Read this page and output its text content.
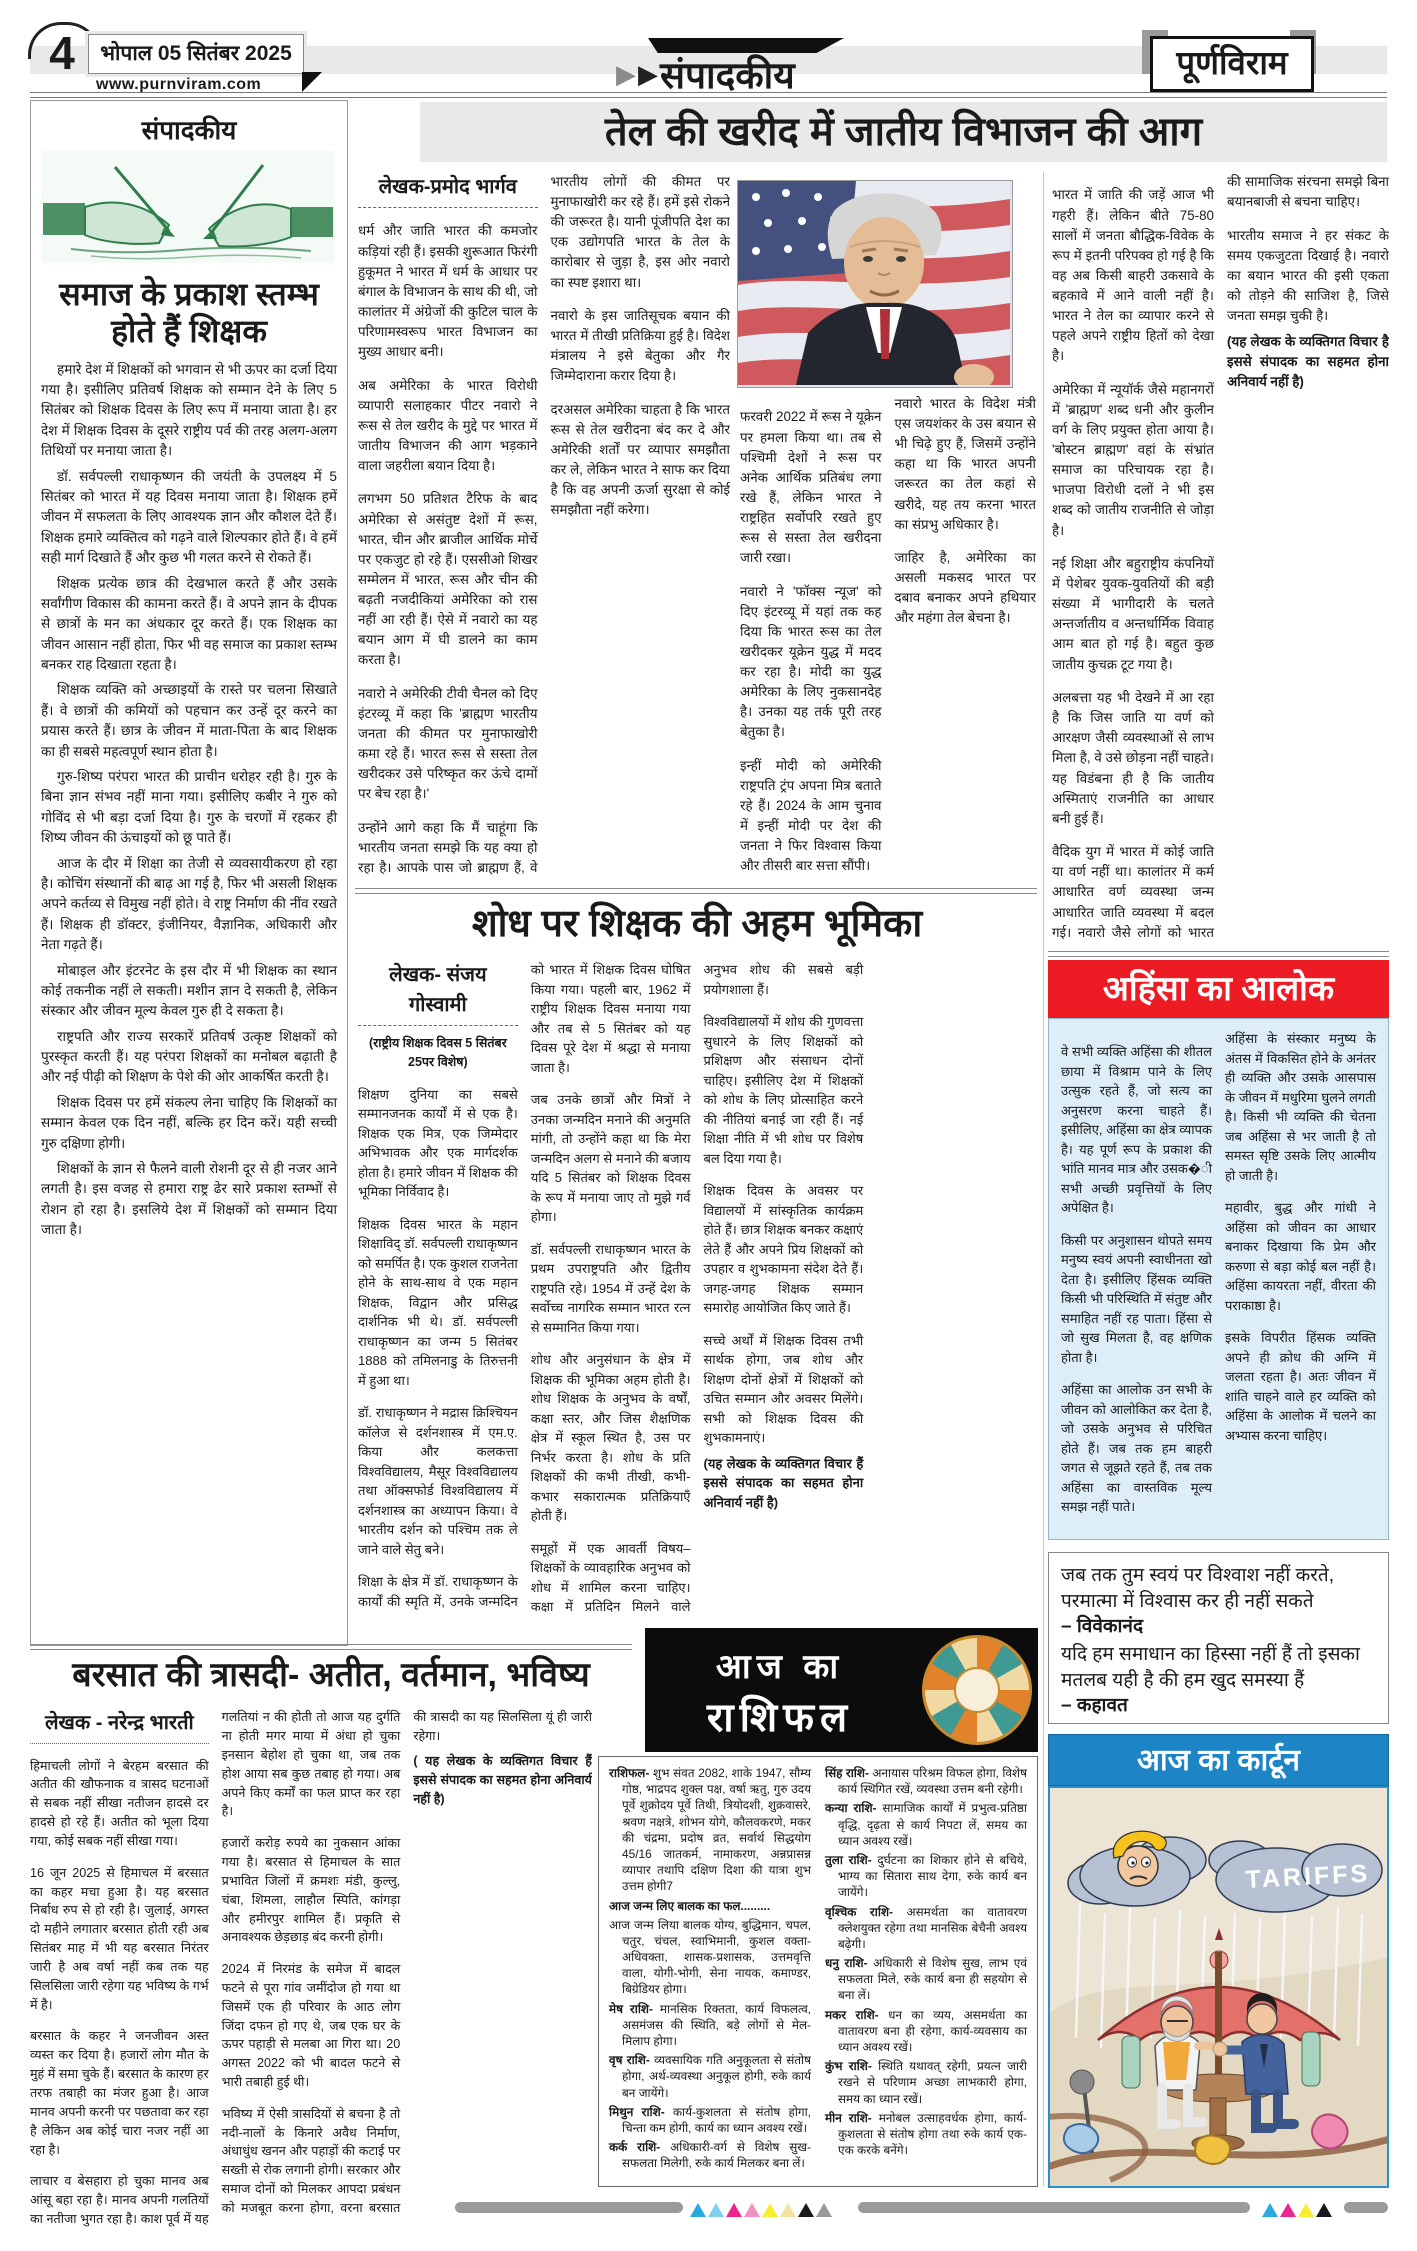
4	भोपाल 05 सितंबर 2025
www.purnviram.com	▶ ▶ संपादकीय	पूर्णविराम
संपादकीय
समाज के प्रकाश स्तम्भ
होते हैं शिक्षक

हमारे देश में शिक्षकों को भगवान से भी ऊपर का दर्जा दिया गया है। इसीलिए प्रतिवर्ष शिक्षक को सम्मान देने के लिए 5 सितंबर को शिक्षक दिवस के लिए रूप में मनाया जाता है। हर देश में शिक्षक दिवस के दूसरे राष्ट्रीय पर्व की तरह अलग-अलग तिथियों पर मनाया जाता है।

डॉ. सर्वपल्ली राधाकृष्णन की जयंती के उपलक्ष्य में 5 सितंबर को भारत में यह दिवस मनाया जाता है। शिक्षक हमें जीवन में सफलता के लिए आवश्यक ज्ञान और कौशल देते हैं। शिक्षक हमारे व्यक्तित्व को गढ़ने वाले शिल्पकार होते हैं। वे हमें सही मार्ग दिखाते हैं और कुछ भी गलत करने से रोकते हैं।

शिक्षक प्रत्येक छात्र की देखभाल करते हैं और उसके सर्वांगीण विकास की कामना करते हैं। वे अपने ज्ञान के दीपक से छात्रों के मन का अंधकार दूर करते हैं। एक शिक्षक का जीवन आसान नहीं होता, फिर भी वह समाज का प्रकाश स्तम्भ बनकर राह दिखाता रहता है।

शिक्षक व्यक्ति को अच्छाइयों के रास्ते पर चलना सिखाते हैं। वे छात्रों की कमियों को पहचान कर उन्हें दूर करने का प्रयास करते हैं। छात्र के जीवन में माता-पिता के बाद शिक्षक का ही सबसे महत्वपूर्ण स्थान होता है।

गुरु-शिष्य परंपरा भारत की प्राचीन धरोहर रही है। गुरु के बिना ज्ञान संभव नहीं माना गया। इसीलिए कबीर ने गुरु को गोविंद से भी बड़ा दर्जा दिया है। गुरु के चरणों में रहकर ही शिष्य जीवन की ऊंचाइयों को छू पाते हैं।

आज के दौर में शिक्षा का तेजी से व्यवसायीकरण हो रहा है। कोचिंग संस्थानों की बाढ़ आ गई है, फिर भी असली शिक्षक अपने कर्तव्य से विमुख नहीं होते। वे राष्ट्र निर्माण की नींव रखते हैं। शिक्षक ही डॉक्टर, इंजीनियर, वैज्ञानिक, अधिकारी और नेता गढ़ते हैं।

मोबाइल और इंटरनेट के इस दौर में भी शिक्षक का स्थान कोई तकनीक नहीं ले सकती। मशीन ज्ञान दे सकती है, लेकिन संस्कार और जीवन मूल्य केवल गुरु ही दे सकता है।

राष्ट्रपति और राज्य सरकारें प्रतिवर्ष उत्कृष्ट शिक्षकों को पुरस्कृत करती हैं। यह परंपरा शिक्षकों का मनोबल बढ़ाती है और नई पीढ़ी को शिक्षण के पेशे की ओर आकर्षित करती है।

शिक्षक दिवस पर हमें संकल्प लेना चाहिए कि शिक्षकों का सम्मान केवल एक दिन नहीं, बल्कि हर दिन करें। यही सच्ची गुरु दक्षिणा होगी।

शिक्षकों के ज्ञान से फैलने वाली रोशनी दूर से ही नजर आने लगती है। इस वजह से हमारा राष्ट्र ढेर सारे प्रकाश स्तम्भों से रोशन हो रहा है। इसलिये देश में शिक्षकों को सम्मान दिया जाता है।

तेल की खरीद में जातीय विभाजन की आग
लेखक-प्रमोद भार्गव

धर्म और जाति भारत की कमजोर कड़ियां रही हैं। इसकी शुरूआत फिरंगी हुकूमत ने भारत में धर्म के आधार पर बंगाल के विभाजन के साथ की थी, जो कालांतर में अंग्रेजों की कुटिल चाल के परिणामस्वरूप भारत विभाजन का मुख्य आधार बनी।

अब अमेरिका के भारत विरोधी व्यापारी सलाहकार पीटर नवारो ने रूस से तेल खरीद के मुद्दे पर भारत में जातीय विभाजन की आग भड़काने वाला जहरीला बयान दिया है।

लगभग 50 प्रतिशत टैरिफ के बाद अमेरिका से असंतुष्ट देशों में रूस, भारत, चीन और ब्राजील आर्थिक मोर्चे पर एकजुट हो रहे हैं। एससीओ शिखर सम्मेलन में भारत, रूस और चीन की बढ़ती नजदीकियां अमेरिका को रास नहीं आ रही हैं। ऐसे में नवारो का यह बयान आग में घी डालने का काम करता है।

नवारो ने अमेरिकी टीवी चैनल को दिए इंटरव्यू में कहा कि 'ब्राह्मण भारतीय जनता की कीमत पर मुनाफाखोरी कमा रहे हैं। भारत रूस से सस्ता तेल खरीदकर उसे परिष्कृत कर ऊंचे दामों पर बेच रहा है।'

उन्होंने आगे कहा कि मैं चाहूंगा कि भारतीय जनता समझे कि यह क्या हो रहा है। आपके पास जो ब्राह्मण हैं, वे भारतीय लोगों की कीमत पर मुनाफाखोरी कर रहे हैं। हमें इसे रोकने की जरूरत है। यानी पूंजीपति देश का एक उद्योगपति भारत के तेल के कारोबार से जुड़ा है, इस ओर नवारो का स्पष्ट इशारा था।

नवारो के इस जातिसूचक बयान की भारत में तीखी प्रतिक्रिया हुई है। विदेश मंत्रालय ने इसे बेतुका और गैर जिम्मेदाराना करार दिया है।

दरअसल अमेरिका चाहता है कि भारत रूस से तेल खरीदना बंद कर दे और अमेरिकी शर्तों पर व्यापार समझौता कर ले, लेकिन भारत ने साफ कर दिया है कि वह अपनी ऊर्जा सुरक्षा से कोई समझौता नहीं करेगा।

फरवरी 2022 में रूस ने यूक्रेन पर हमला किया था। तब से पश्चिमी देशों ने रूस पर अनेक आर्थिक प्रतिबंध लगा रखे हैं, लेकिन भारत ने राष्ट्रहित सर्वोपरि रखते हुए रूस से सस्ता तेल खरीदना जारी रखा।

नवारो ने 'फॉक्स न्यूज' को दिए इंटरव्यू में यहां तक कह दिया कि भारत रूस का तेल खरीदकर यूक्रेन युद्ध में मदद कर रहा है। मोदी का युद्ध अमेरिका के लिए नुकसानदेह है। उनका यह तर्क पूरी तरह बेतुका है।

इन्हीं मोदी को अमेरिकी राष्ट्रपति ट्रंप अपना मित्र बताते रहे हैं। 2024 के आम चुनाव में इन्हीं मोदी पर देश की जनता ने फिर विश्वास किया और तीसरी बार सत्ता सौंपी।

नवारो भारत के विदेश मंत्री एस जयशंकर के उस बयान से भी चिढ़े हुए हैं, जिसमें उन्होंने कहा था कि भारत अपनी जरूरत का तेल कहां से खरीदे, यह तय करना भारत का संप्रभु अधिकार है।

जाहिर है, अमेरिका का असली मकसद भारत पर दबाव बनाकर अपने हथियार और महंगा तेल बेचना है।

भारत में जाति की जड़ें आज भी गहरी हैं। लेकिन बीते 75-80 सालों में जनता बौद्धिक-विवेक के रूप में इतनी परिपक्व हो गई है कि वह अब किसी बाहरी उकसावे के बहकावे में आने वाली नहीं है। भारत ने तेल का व्यापार करने से पहले अपने राष्ट्रीय हितों को देखा है।

अमेरिका में न्यूयॉर्क जैसे महानगरों में 'ब्राह्मण' शब्द धनी और कुलीन वर्ग के लिए प्रयुक्त होता आया है। 'बोस्टन ब्राह्मण' वहां के संभ्रांत समाज का परिचायक रहा है। भाजपा विरोधी दलों ने भी इस शब्द को जातीय राजनीति से जोड़ा है।

नई शिक्षा और बहुराष्ट्रीय कंपनियों में पेशेबर युवक-युवतियों की बड़ी संख्या में भागीदारी के चलते अन्तर्जातीय व अन्तर्धार्मिक विवाह आम बात हो गई है। बहुत कुछ जातीय कुचक्र टूट गया है।

अलबत्ता यह भी देखने में आ रहा है कि जिस जाति या वर्ण को आरक्षण जैसी व्यवस्थाओं से लाभ मिला है, वे उसे छोड़ना नहीं चाहते। यह विडंबना ही है कि जातीय अस्मिताएं राजनीति का आधार बनी हुई हैं।

वैदिक युग में भारत में कोई जाति या वर्ण नहीं था। कालांतर में कर्म आधारित वर्ण व्यवस्था जन्म आधारित जाति व्यवस्था में बदल गई। नवारो जैसे लोगों को भारत की सामाजिक संरचना समझे बिना बयानबाजी से बचना चाहिए।

भारतीय समाज ने हर संकट के समय एकजुटता दिखाई है। नवारो का बयान भारत की इसी एकता को तोड़ने की साजिश है, जिसे जनता समझ चुकी है।

(यह लेखक के व्यक्तिगत विचार है इससे संपादक का सहमत होना अनिवार्य नहीं है)

शोध पर शिक्षक की अहम भूमिका
लेखक- संजय गोस्वामी
(राष्ट्रीय शिक्षक दिवस 5 सितंबर 25पर विशेष)

शिक्षण दुनिया का सबसे सम्मानजनक कार्यों में से एक है। शिक्षक एक मित्र, एक जिम्मेदार अभिभावक और एक मार्गदर्शक होता है। हमारे जीवन में शिक्षक की भूमिका निर्विवाद है।

शिक्षक दिवस भारत के महान शिक्षाविद् डॉ. सर्वपल्ली राधाकृष्णन को समर्पित है। एक कुशल राजनेता होने के साथ-साथ वे एक महान शिक्षक, विद्वान और प्रसिद्ध दार्शनिक भी थे। डॉ. सर्वपल्ली राधाकृष्णन का जन्म 5 सितंबर 1888 को तमिलनाडु के तिरुत्तनी में हुआ था।

डॉ. राधाकृष्णन ने मद्रास क्रिश्चियन कॉलेज से दर्शनशास्त्र में एम.ए. किया और कलकत्ता विश्वविद्यालय, मैसूर विश्वविद्यालय तथा ऑक्सफोर्ड विश्वविद्यालय में दर्शनशास्त्र का अध्यापन किया। वे भारतीय दर्शन को पश्चिम तक ले जाने वाले सेतु बने।

शिक्षा के क्षेत्र में डॉ. राधाकृष्णन के कार्यों की स्मृति में, उनके जन्मदिन को भारत में शिक्षक दिवस घोषित किया गया। पहली बार, 1962 में राष्ट्रीय शिक्षक दिवस मनाया गया और तब से 5 सितंबर को यह दिवस पूरे देश में श्रद्धा से मनाया जाता है।

जब उनके छात्रों और मित्रों ने उनका जन्मदिन मनाने की अनुमति मांगी, तो उन्होंने कहा था कि मेरा जन्मदिन अलग से मनाने की बजाय यदि 5 सितंबर को शिक्षक दिवस के रूप में मनाया जाए तो मुझे गर्व होगा।

डॉ. सर्वपल्ली राधाकृष्णन भारत के प्रथम उपराष्ट्रपति और द्वितीय राष्ट्रपति रहे। 1954 में उन्हें देश के सर्वोच्च नागरिक सम्मान भारत रत्न से सम्मानित किया गया।

शोध और अनुसंधान के क्षेत्र में शिक्षक की भूमिका अहम होती है। शोध शिक्षक के अनुभव के वर्षों, कक्षा स्तर, और जिस शैक्षणिक क्षेत्र में स्कूल स्थित है, उस पर निर्भर करता है। शोध के प्रति शिक्षकों की कभी तीखी, कभी-कभार सकारात्मक प्रतिक्रियाएँ होती हैं।

समूहों में एक आवर्ती विषय–शिक्षकों के व्यावहारिक अनुभव को शोध में शामिल करना चाहिए। कक्षा में प्रतिदिन मिलने वाले अनुभव शोध की सबसे बड़ी प्रयोगशाला हैं।

विश्वविद्यालयों में शोध की गुणवत्ता सुधारने के लिए शिक्षकों को प्रशिक्षण और संसाधन दोनों चाहिए। इसीलिए देश में शिक्षकों को शोध के लिए प्रोत्साहित करने की नीतियां बनाई जा रही हैं। नई शिक्षा नीति में भी शोध पर विशेष बल दिया गया है।

शिक्षक दिवस के अवसर पर विद्यालयों में सांस्कृतिक कार्यक्रम होते हैं। छात्र शिक्षक बनकर कक्षाएं लेते हैं और अपने प्रिय शिक्षकों को उपहार व शुभकामना संदेश देते हैं। जगह-जगह शिक्षक सम्मान समारोह आयोजित किए जाते हैं।

सच्चे अर्थों में शिक्षक दिवस तभी सार्थक होगा, जब शोध और शिक्षण दोनों क्षेत्रों में शिक्षकों को उचित सम्मान और अवसर मिलेंगे। सभी को शिक्षक दिवस की शुभकामनाएं।

(यह लेखक के व्यक्तिगत विचार हैं इससे संपादक का सहमत होना अनिवार्य नहीं है)

अहिंसा का आलोक

वे सभी व्यक्ति अहिंसा की शीतल छाया में विश्राम पाने के लिए उत्सुक रहते हैं, जो सत्य का अनुसरण करना चाहते हैं। इसीलिए, अहिंसा का क्षेत्र व्यापक है। यह पूर्ण रूप के प्रकाश की भांति मानव मात्र और उसक�ी सभी अच्छी प्रवृत्तियों के लिए अपेक्षित है।

किसी पर अनुशासन थोपते समय मनुष्य स्वयं अपनी स्वाधीनता खो देता है। इसीलिए हिंसक व्यक्ति किसी भी परिस्थिति में संतुष्ट और समाहित नहीं रह पाता। हिंसा से जो सुख मिलता है, वह क्षणिक होता है।

अहिंसा का आलोक उन सभी के जीवन को आलोकित कर देता है, जो उसके अनुभव से परिचित होते हैं। जब तक हम बाहरी जगत से जूझते रहते हैं, तब तक अहिंसा का वास्तविक मूल्य समझ नहीं पाते।

अहिंसा के संस्कार मनुष्य के अंतस में विकसित होने के अनंतर ही व्यक्ति और उसके आसपास के जीवन में मधुरिमा घुलने लगती है। किसी भी व्यक्ति की चेतना जब अहिंसा से भर जाती है तो समस्त सृष्टि उसके लिए आत्मीय हो जाती है।

महावीर, बुद्ध और गांधी ने अहिंसा को जीवन का आधार बनाकर दिखाया कि प्रेम और करुणा से बड़ा कोई बल नहीं है। अहिंसा कायरता नहीं, वीरता की पराकाष्ठा है।

इसके विपरीत हिंसक व्यक्ति अपने ही क्रोध की अग्नि में जलता रहता है। अतः जीवन में शांति चाहने वाले हर व्यक्ति को अहिंसा के आलोक में चलने का अभ्यास करना चाहिए।

जब तक तुम स्वयं पर विश्वाश नहीं करते, परमात्मा में विश्वास कर ही नहीं सकते
– विवेकानंद
यदि हम समाधान का हिस्सा नहीं हैं तो इसका मतलब यही है की हम खुद समस्या हैं
– कहावत
आज का कार्टून
TARIFFS
बरसात की त्रासदी- अतीत, वर्तमान, भविष्य
लेखक - नरेन्द्र भारती

हिमाचली लोगों ने बेरहम बरसात की अतीत की खौफनाक व त्रासद घटनाओं से सबक नहीं सीखा नतीजन हादसे दर हादसे हो रहे हैं। अतीत को भूला दिया गया, कोई सबक नहीं सीखा गया।

16 जून 2025 से हिमाचल में बरसात का कहर मचा हुआ है। यह बरसात निर्बाध रुप से हो रही है। जुलाई, अगस्त दो महीने लगातार बरसात होती रही अब सितंबर माह में भी यह बरसात निरंतर जारी है अब वर्षा नहीं कब तक यह सिलसिला जारी रहेगा यह भविष्य के गर्भ में है।

बरसात के कहर ने जनजीवन अस्त व्यस्त कर दिया है। हजारों लोग मौत के मुहं में समा चुके हैं। बरसात के कारण हर तरफ तबाही का मंजर हुआ है। आज मानव अपनी करनी पर पछतावा कर रहा है लेकिन अब कोई चारा नजर नहीं आ रहा है।

लाचार व बेसहारा हो चुका मानव अब आंसू बहा रहा है। मानव अपनी गलतियों का नतीजा भुगत रहा है। काश पूर्व में यह गलतियां न की होती तो आज यह दुर्गति ना होती मगर माया में अंधा हो चुका इनसान बेहोश हो चुका था, जब तक होश आया सब कुछ तबाह हो गया। अब अपने किए कर्मों का फल प्राप्त कर रहा है।

हजारों करोड़ रुपये का नुकसान आंका गया है। बरसात से हिमाचल के सात प्रभावित जिलों में क्रमशः मंडी, कुल्लु, चंबा, शिमला, लाहौल स्पिति, कांगड़ा और हमीरपुर शामिल हैं। प्रकृति से अनावश्यक छेड़छाड़ बंद करनी होगी।

2024 में निरमंड के समेज में बादल फटने से पूरा गांव जमींदोज हो गया था जिसमें एक ही परिवार के आठ लोग जिंदा दफन हो गए थे, जब एक घर के ऊपर पहाड़ी से मलबा आ गिरा था। 20 अगस्त 2022 को भी बादल फटने से भारी तबाही हुई थी।

भविष्य में ऐसी त्रासदियों से बचना है तो नदी-नालों के किनारे अवैध निर्माण, अंधाधुंध खनन और पहाड़ों की कटाई पर सख्ती से रोक लगानी होगी। सरकार और समाज दोनों को मिलकर आपदा प्रबंधन को मजबूत करना होगा, वरना बरसात की त्रासदी का यह सिलसिला यूं ही जारी रहेगा।

( यह लेखक के व्यक्तिगत विचार हैं इससे संपादक का सहमत होना अनिवार्य नहीं है)

आज का
राशिफल

राशिफल- शुभ संवत 2082, शाके 1947, सौम्य गोष्ठ, भाद्रपद शुक्ल पक्ष, वर्षा ऋतु, गुरु उदय पूर्वे शुक्रोदय पूर्वे तिथी, त्रियोदशी, शुक्रवासरे, श्रवण नक्षत्रे, शोभन योगे, कौलवकरणे, मकर की चंद्रमा, प्रदोष व्रत, सर्वार्थ सिद्धयोग 45/16 जातकर्म, नामाकरण, अन्नप्रासन्न व्यापार तथापि दक्षिण दिशा की यात्रा शुभ उत्तम होगी7

आज जन्म लिए बालक का फल.........

आज जन्म लिया बालक योग्य, बुद्धिमान, चपल, चतुर, चंचल, स्वाभिमानी, कुशल वक्ता-अधिवक्ता, शासक-प्रशासक, उत्तमवृत्ति वाला, योगी-भोगी, सेना नायक, कमाण्डर, बिग्रेडियर होगा।

मेष राशि- मानसिक रिक्तता, कार्य विफलत्व, असमंजस की स्थिति, बड़े लोगों से मेल-मिलाप होगा।

वृष राशि- व्यवसायिक गति अनुकूलता से संतोष होगा, अर्थ-व्यवस्था अनुकूल होगी, रुके कार्य बन जायेंगे।

मिथुन राशि- कार्य-कुशलता से संतोष होगा, चिन्ता कम होगी, कार्य का ध्यान अवश्य रखें।

कर्क राशि- अधिकारी-वर्ग से विशेष सुख-सफलता मिलेगी, रुके कार्य मिलकर बना लें।

सिंह राशि- अनायास परिश्रम विफल होगा, विशेष कार्य स्थिगित रखें, व्यवस्था उत्तम बनी रहेगी।

कन्या राशि- सामाजिक कार्यों में प्रभुत्व-प्रतिष्ठा वृद्धि, दृढ़ता से कार्य निपटा लें, समय का ध्यान अवश्य रखें।

तुला राशि- दुर्घटना का शिकार होने से बचिये, भाग्य का सितारा साथ देगा, रुके कार्य बन जायेंगे।

वृश्चिक राशि- असमर्थता का वातावरण क्लेशयुक्त रहेगा तथा मानसिक बेचैनी अवश्य बढ़ेगी।

धनु राशि- अधिकारी से विशेष सुख, लाभ एवं सफलता मिले, रुके कार्य बना ही सहयोग से बना लें।

मकर राशि- धन का व्यय, असमर्थता का वातावरण बना ही रहेगा, कार्य-व्यवसाय का ध्यान अवश्य रखें।

कुंभ राशि- स्थिति यथावत् रहेगी, प्रयत्न जारी रखने से परिणाम अच्छा लाभकारी होगा, समय का ध्यान रखें।

मीन राशि- मनोबल उत्साहवर्धक होगा, कार्य-कुशलता से संतोष होगा तथा रुके कार्य एक-एक करके बनेंगे।
